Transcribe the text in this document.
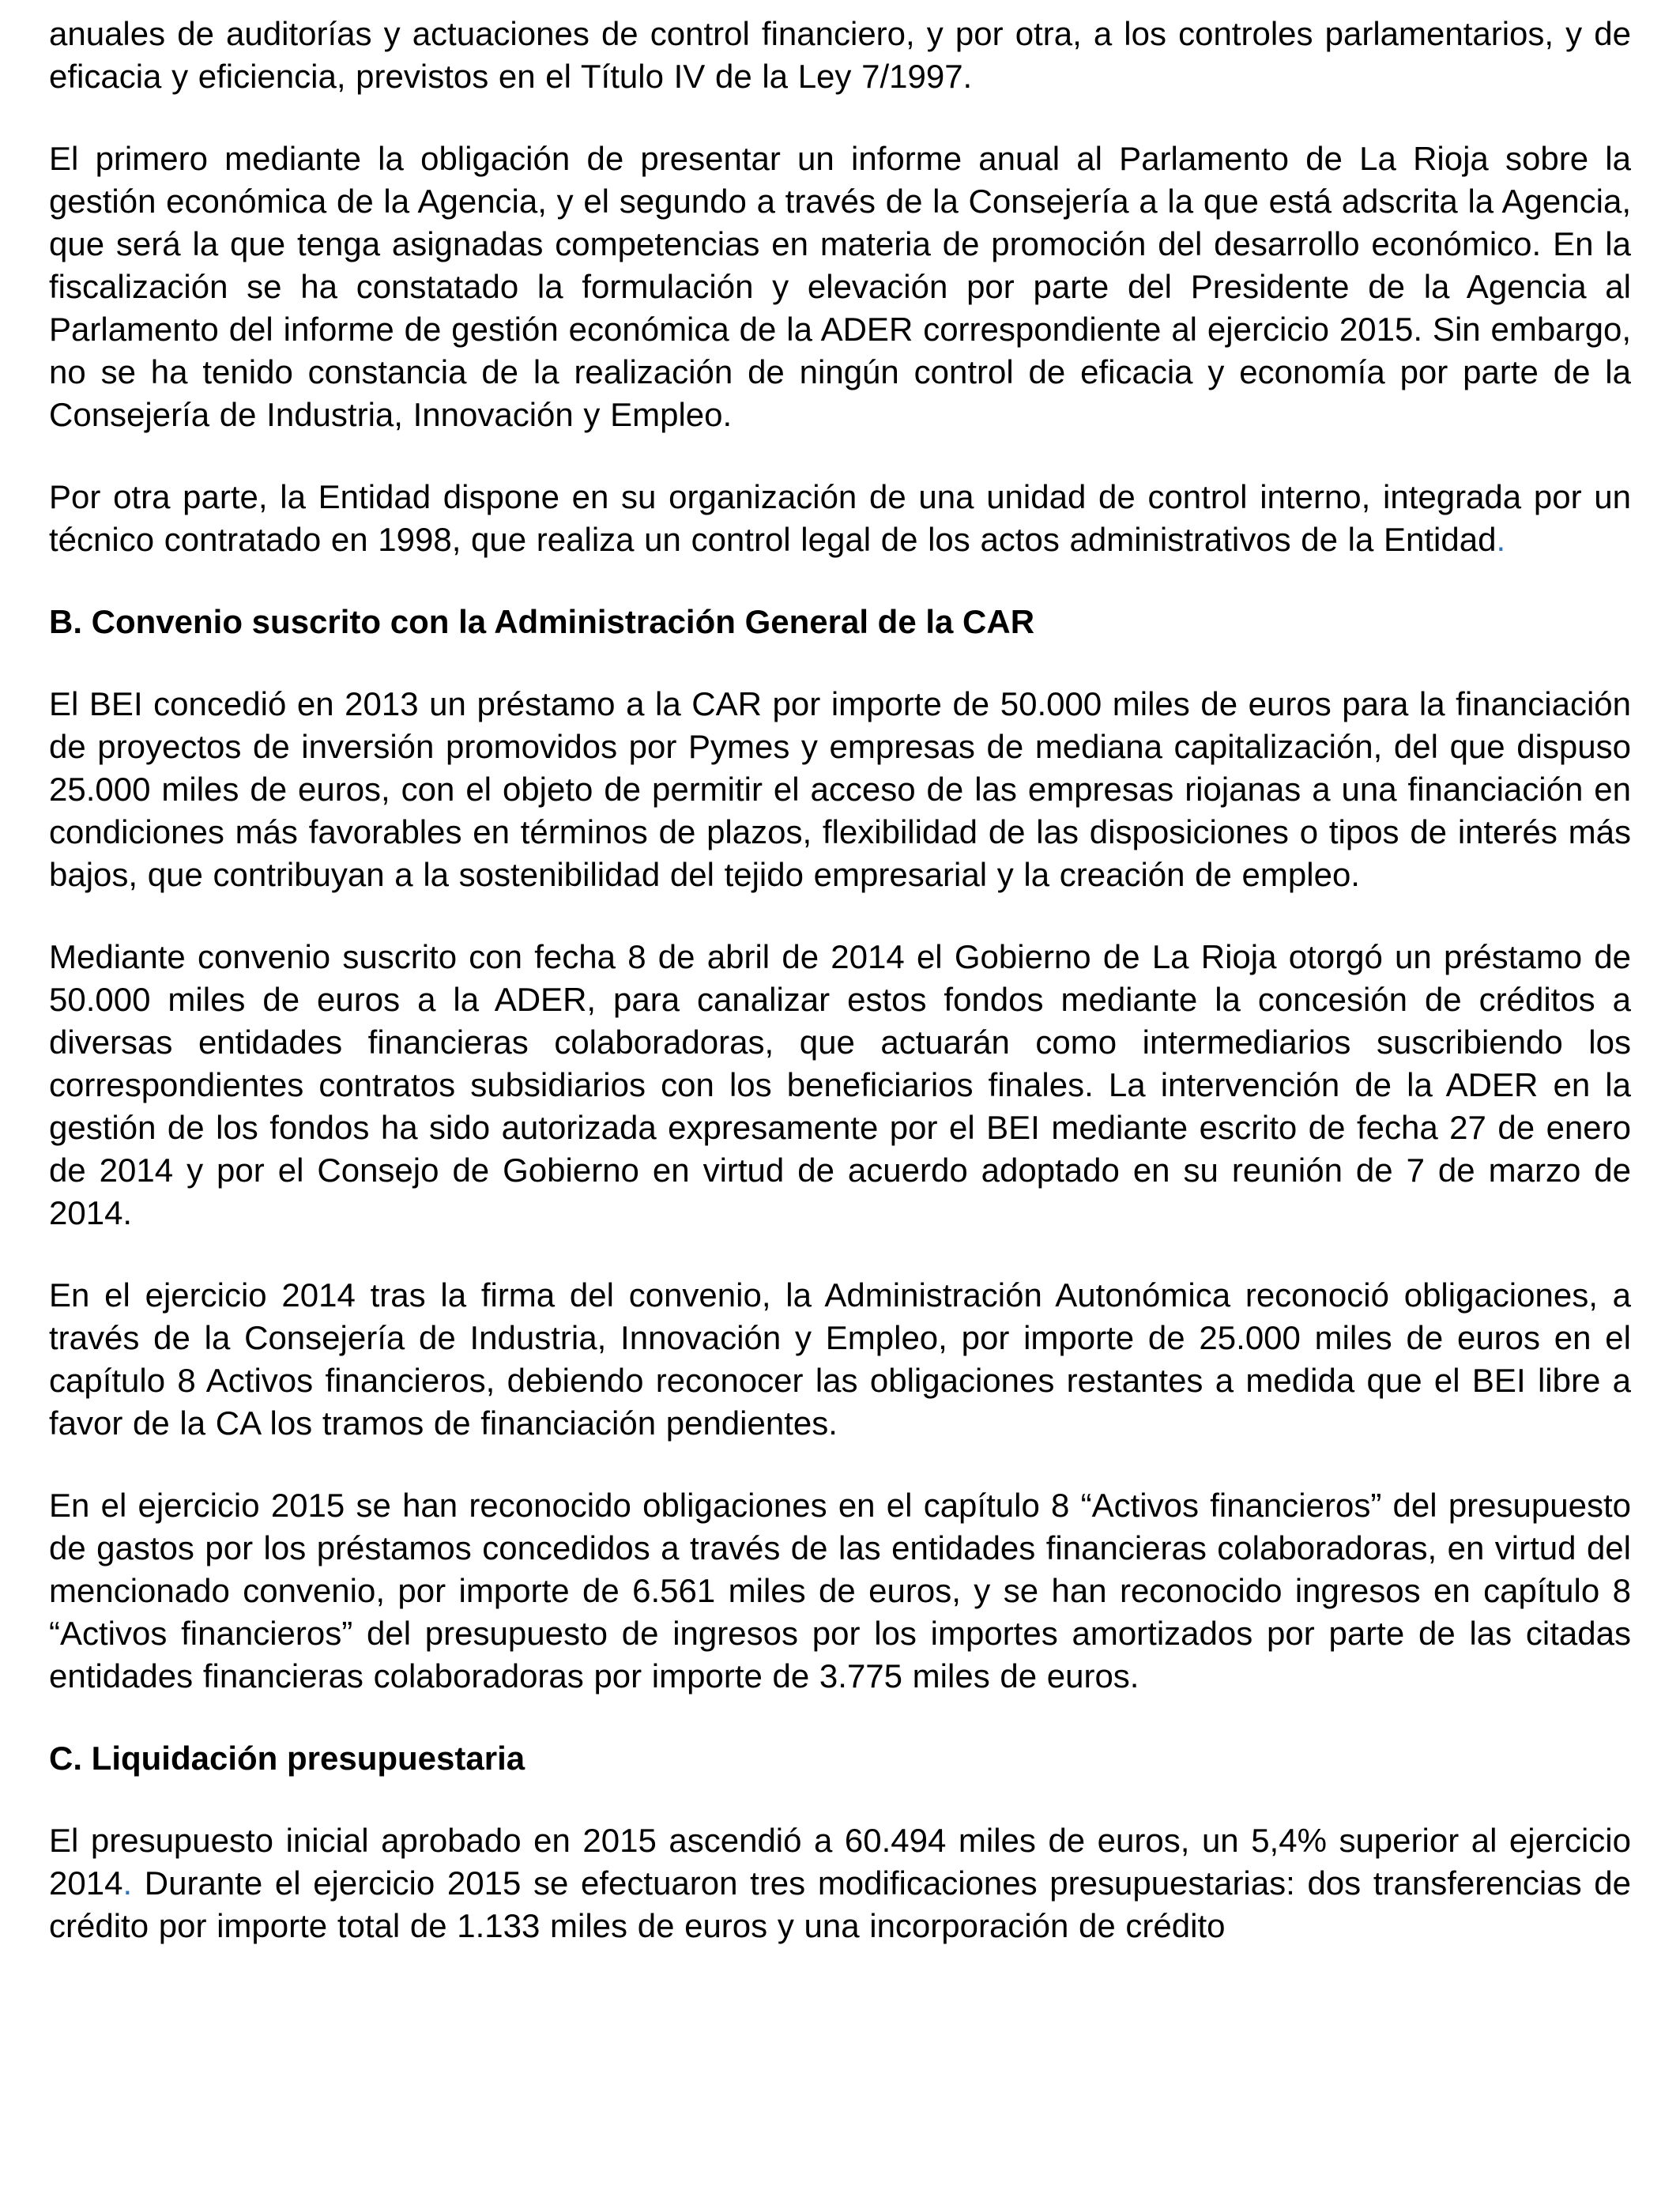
anuales de auditorías y actuaciones de control financiero, y por otra, a los controles parlamentarios, y de eficacia y eficiencia, previstos en el Título IV de la Ley 7/1997.

El primero mediante la obligación de presentar un informe anual al Parlamento de La Rioja sobre la gestión económica de la Agencia, y el segundo a través de la Consejería a la que está adscrita la Agencia, que será la que tenga asignadas competencias en materia de promoción del desarrollo económico. En la fiscalización se ha constatado la formulación y elevación por parte del Presidente de la Agencia al Parlamento del informe de gestión económica de la ADER correspondiente al ejercicio 2015. Sin embargo, no se ha tenido constancia de la realización de ningún control de eficacia y economía por parte de la Consejería de Industria, Innovación y Empleo.

Por otra parte, la Entidad dispone en su organización de una unidad de control interno, integrada por un técnico contratado en 1998, que realiza un control legal de los actos administrativos de la Entidad.

B. Convenio suscrito con la Administración General de la CAR

El BEI concedió en 2013 un préstamo a la CAR por importe de 50.000 miles de euros para la financiación de proyectos de inversión promovidos por Pymes y empresas de mediana capitalización, del que dispuso 25.000 miles de euros, con el objeto de permitir el acceso de las empresas riojanas a una financiación en condiciones más favorables en términos de plazos, flexibilidad de las disposiciones o tipos de interés más bajos, que contribuyan a la sostenibilidad del tejido empresarial y la creación de empleo.

Mediante convenio suscrito con fecha 8 de abril de 2014 el Gobierno de La Rioja otorgó un préstamo de 50.000 miles de euros a la ADER, para canalizar estos fondos mediante la concesión de créditos a diversas entidades financieras colaboradoras, que actuarán como intermediarios suscribiendo los correspondientes contratos subsidiarios con los beneficiarios finales. La intervención de la ADER en la gestión de los fondos ha sido autorizada expresamente por el BEI mediante escrito de fecha 27 de enero de 2014 y por el Consejo de Gobierno en virtud de acuerdo adoptado en su reunión de 7 de marzo de 2014.

En el ejercicio 2014 tras la firma del convenio, la Administración Autonómica reconoció obligaciones, a través de la Consejería de Industria, Innovación y Empleo, por importe de 25.000 miles de euros en el capítulo 8 Activos financieros, debiendo reconocer las obligaciones restantes a medida que el BEI libre a favor de la CA los tramos de financiación pendientes.

En el ejercicio 2015 se han reconocido obligaciones en el capítulo 8 “Activos financieros” del presupuesto de gastos por los préstamos concedidos a través de las entidades financieras colaboradoras, en virtud del mencionado convenio, por importe de 6.561 miles de euros, y se han reconocido ingresos en capítulo 8 “Activos financieros” del presupuesto de ingresos por los importes amortizados por parte de las citadas entidades financieras colaboradoras por importe de 3.775 miles de euros.

C. Liquidación presupuestaria

El presupuesto inicial aprobado en 2015 ascendió a 60.494 miles de euros, un 5,4% superior al ejercicio 2014. Durante el ejercicio 2015 se efectuaron tres modificaciones presupuestarias: dos transferencias de crédito por importe total de 1.133 miles de euros y una incorporación de crédito
